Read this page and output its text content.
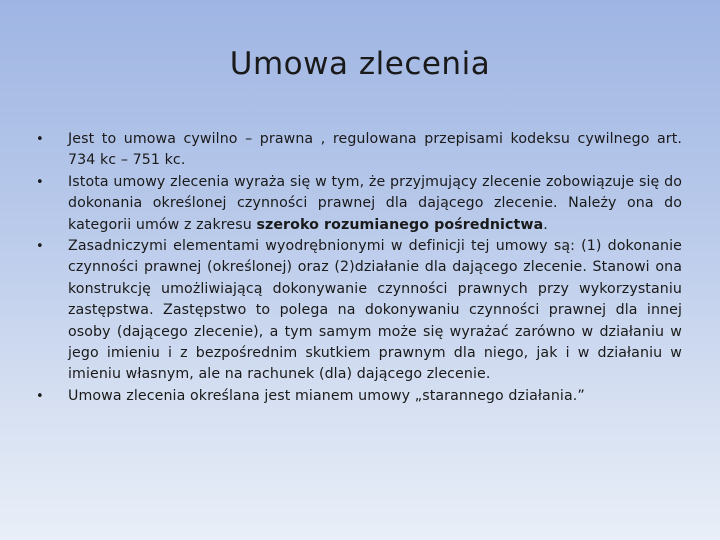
Umowa zlecenia
•	Jest to umowa cywilno – prawna , regulowana przepisami kodeksu cywilnego art. 734 kc – 751 kc.
•	Istota umowy zlecenia wyraża się w tym, że przyjmujący zlecenie zobowiązuje się do dokonania określonej czynności prawnej dla dającego zlecenie. Należy ona do kategorii umów z zakresu szeroko rozumianego pośrednictwa.
•	Zasadniczymi elementami wyodrębnionymi w definicji tej umowy są: (1) dokonanie czynności prawnej (określonej) oraz (2)działanie dla dającego zlecenie. Stanowi ona konstrukcję umożliwiającą dokonywanie czynności prawnych przy wykorzystaniu zastępstwa. Zastępstwo to polega na dokonywaniu czynności prawnej dla innej osoby (dającego zlecenie), a tym samym może się wyrażać zarówno w działaniu w jego imieniu i z bezpośrednim skutkiem prawnym dla niego, jak i w działaniu w imieniu własnym, ale na rachunek (dla) dającego zlecenie.
•	Umowa zlecenia określana jest mianem umowy „starannego działania.”
